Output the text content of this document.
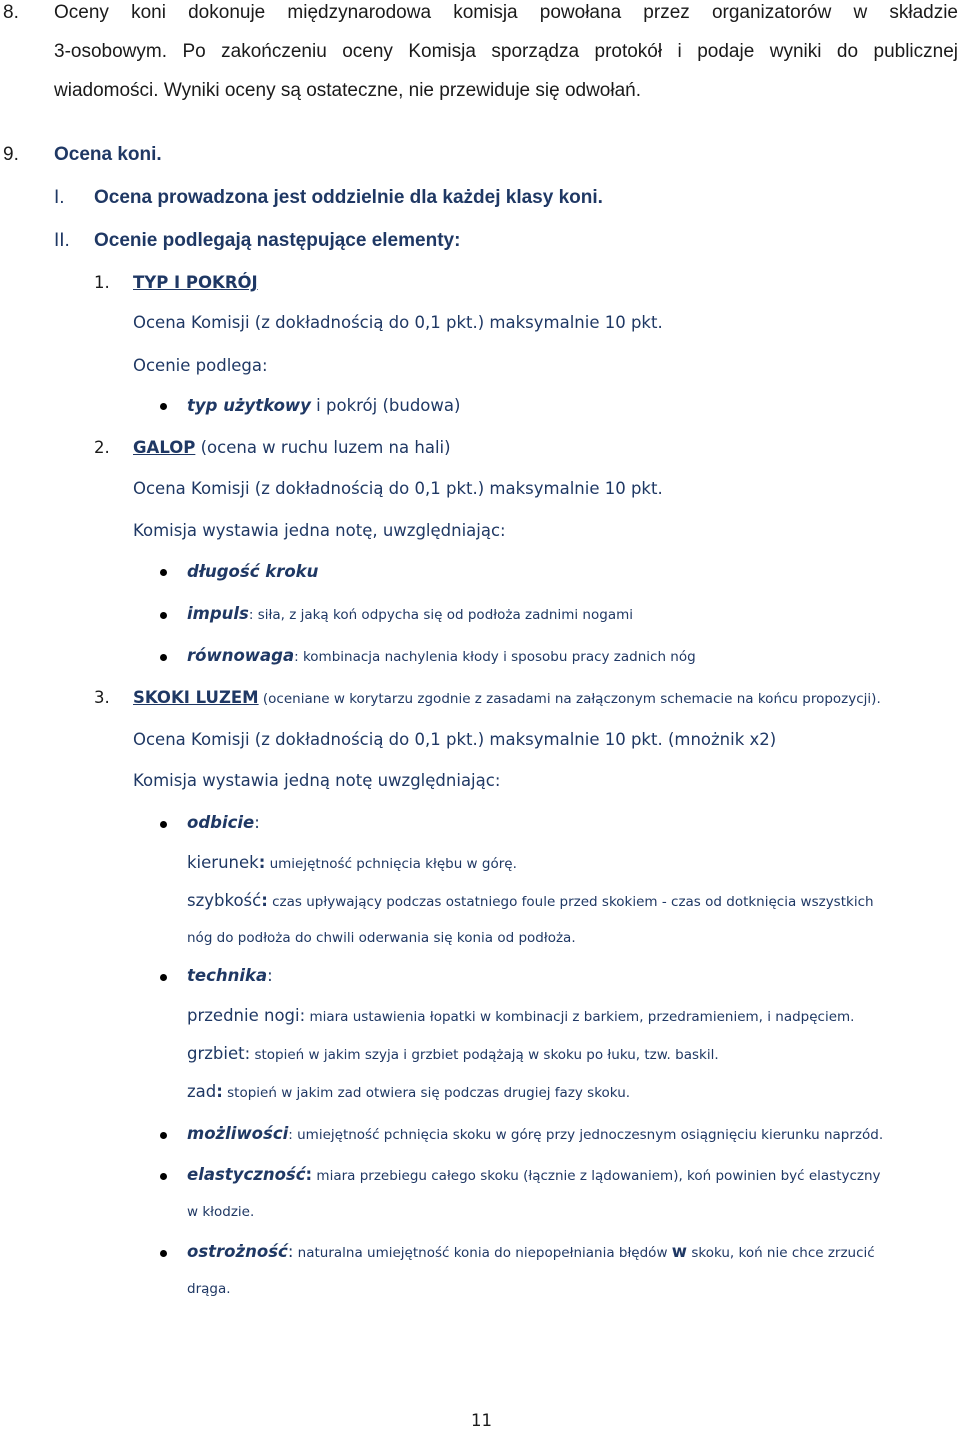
8. Oceny koni dokonuje międzynarodowa komisja powołana przez organizatorów w składzie
3-osobowym. Po zakończeniu oceny Komisja sporządza protokół i podaje wyniki do publicznej
wiadomości. Wyniki oceny są ostateczne, nie przewiduje się odwołań.
9. Ocena koni.
I. Ocena prowadzona jest oddzielnie dla każdej klasy koni.
II. Ocenie podlegają następujące elementy:
1. TYP I POKRÓJ
Ocena Komisji (z dokładnością do 0,1 pkt.) maksymalnie 10 pkt.
Ocenie podlega:
typ użytkowy i pokrój (budowa)
2. GALOP (ocena w ruchu luzem na hali)
Ocena Komisji (z dokładnością do 0,1 pkt.) maksymalnie 10 pkt.
Komisja wystawia jedna notę, uwzględniając:
długość kroku
impuls: siła, z jaką koń odpycha się od podłoża zadnimi nogami
równowaga: kombinacja nachylenia kłody i sposobu pracy zadnich nóg
3. SKOKI LUZEM (oceniane w korytarzu zgodnie z zasadami na załączonym schemacie na końcu propozycji).
Ocena Komisji (z dokładnością do 0,1 pkt.) maksymalnie 10 pkt. (mnożnik x2)
Komisja wystawia jedną notę uwzględniając:
odbicie:
kierunek: umiejętność pchnięcia kłębu w górę.
szybkość: czas upływający podczas ostatniego foule przed skokiem - czas od dotknięcia wszystkich
nóg do podłoża do chwili oderwania się konia od podłoża.
technika:
przednie nogi: miara ustawienia łopatki w kombinacji z barkiem, przedramieniem, i nadpęciem.
grzbiet: stopień w jakim szyja i grzbiet podążają w skoku po łuku, tzw. baskil.
zad: stopień w jakim zad otwiera się podczas drugiej fazy skoku.
możliwości: umiejętność pchnięcia skoku w górę przy jednoczesnym osiągnięciu kierunku naprzód.
elastyczność: miara przebiegu całego skoku (łącznie z lądowaniem), koń powinien być elastyczny
w kłodzie.
ostrożność: naturalna umiejętność konia do niepopełniania błędów w skoku, koń nie chce zrzucić
drąga.
11
